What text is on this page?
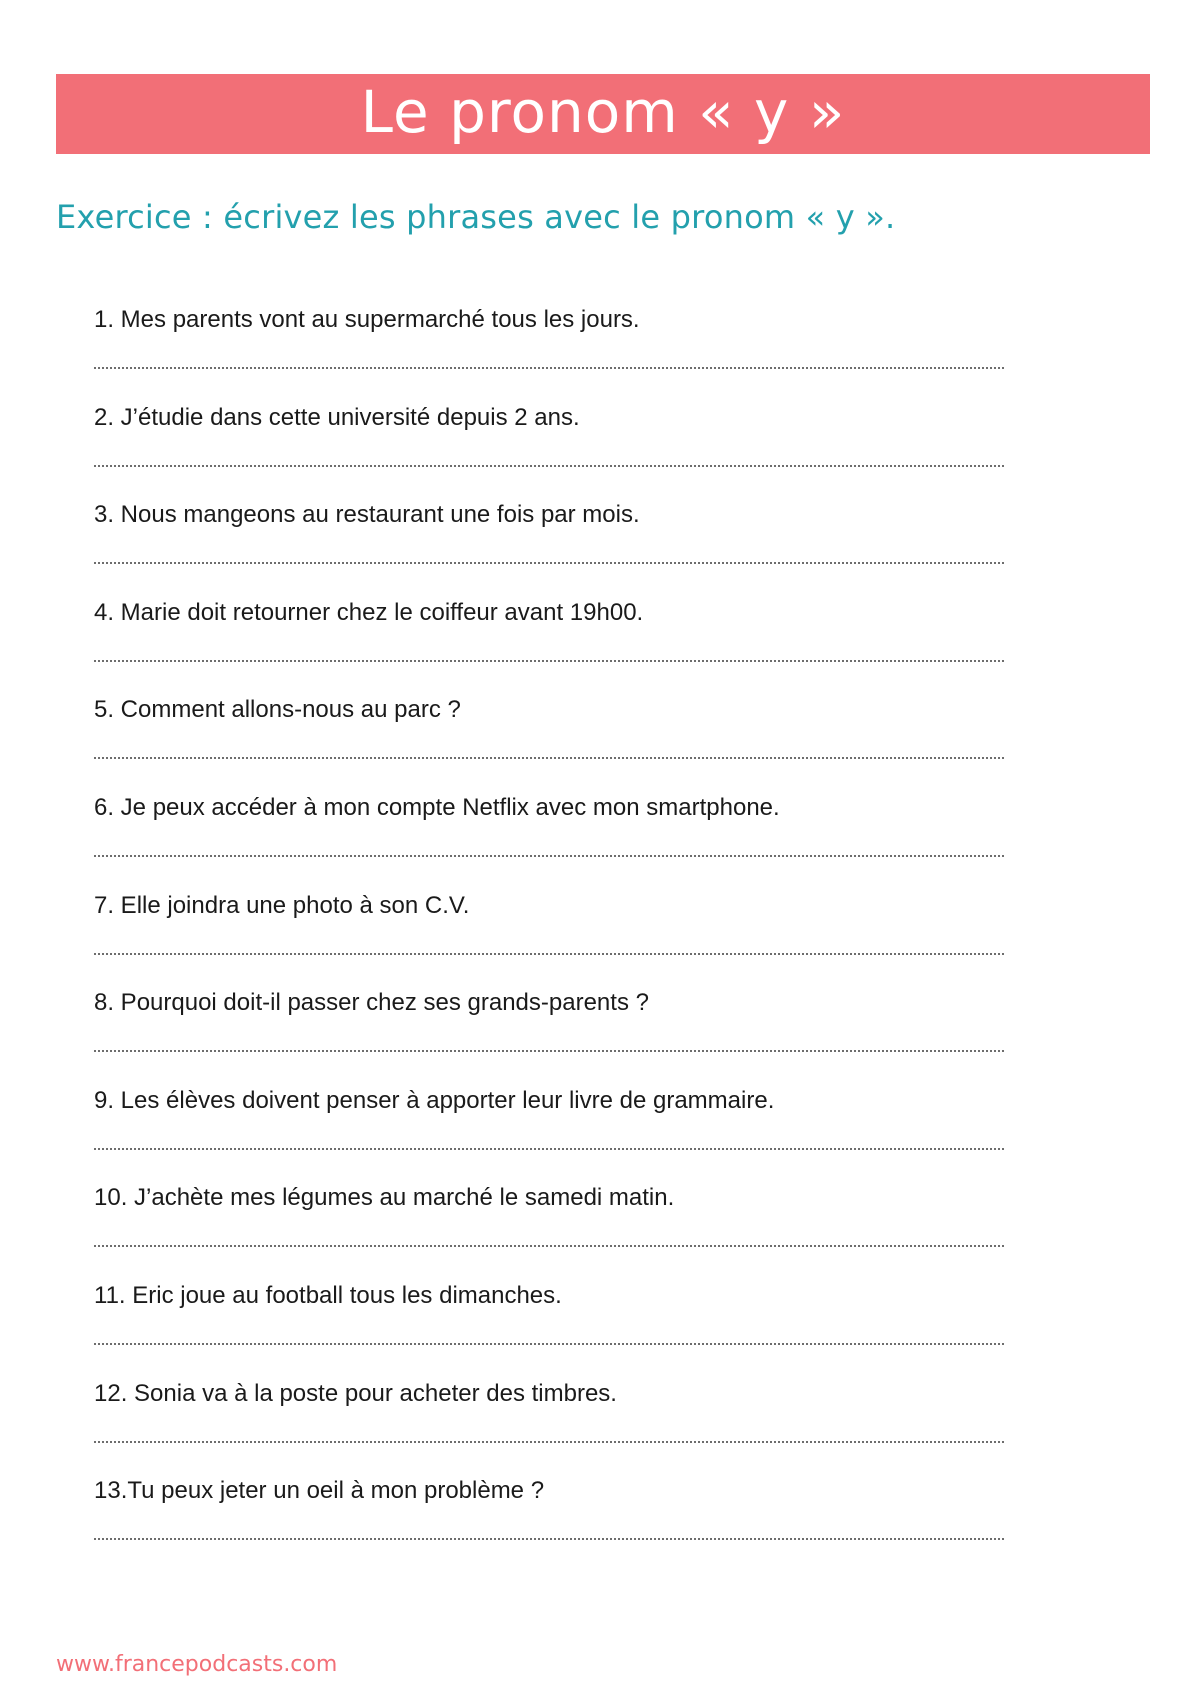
Le pronom « y »
Exercice : écrivez les phrases avec le pronom « y ».
1. Mes parents vont au supermarché tous les jours.
2. J’étudie dans cette université depuis 2 ans.
3. Nous mangeons au restaurant une fois par mois.
4. Marie doit retourner chez le coiffeur avant 19h00.
5. Comment allons-nous au parc ?
6. Je peux accéder à mon compte Netflix avec mon smartphone.
7. Elle joindra une photo à son C.V.
8. Pourquoi doit-il passer chez ses grands-parents ?
9. Les élèves doivent penser à apporter leur livre de grammaire.
10. J’achète mes légumes au marché le samedi matin.
11. Eric joue au football tous les dimanches.
12. Sonia va à la poste pour acheter des timbres.
13.Tu peux jeter un oeil à mon problème ?
www.francepodcasts.com
